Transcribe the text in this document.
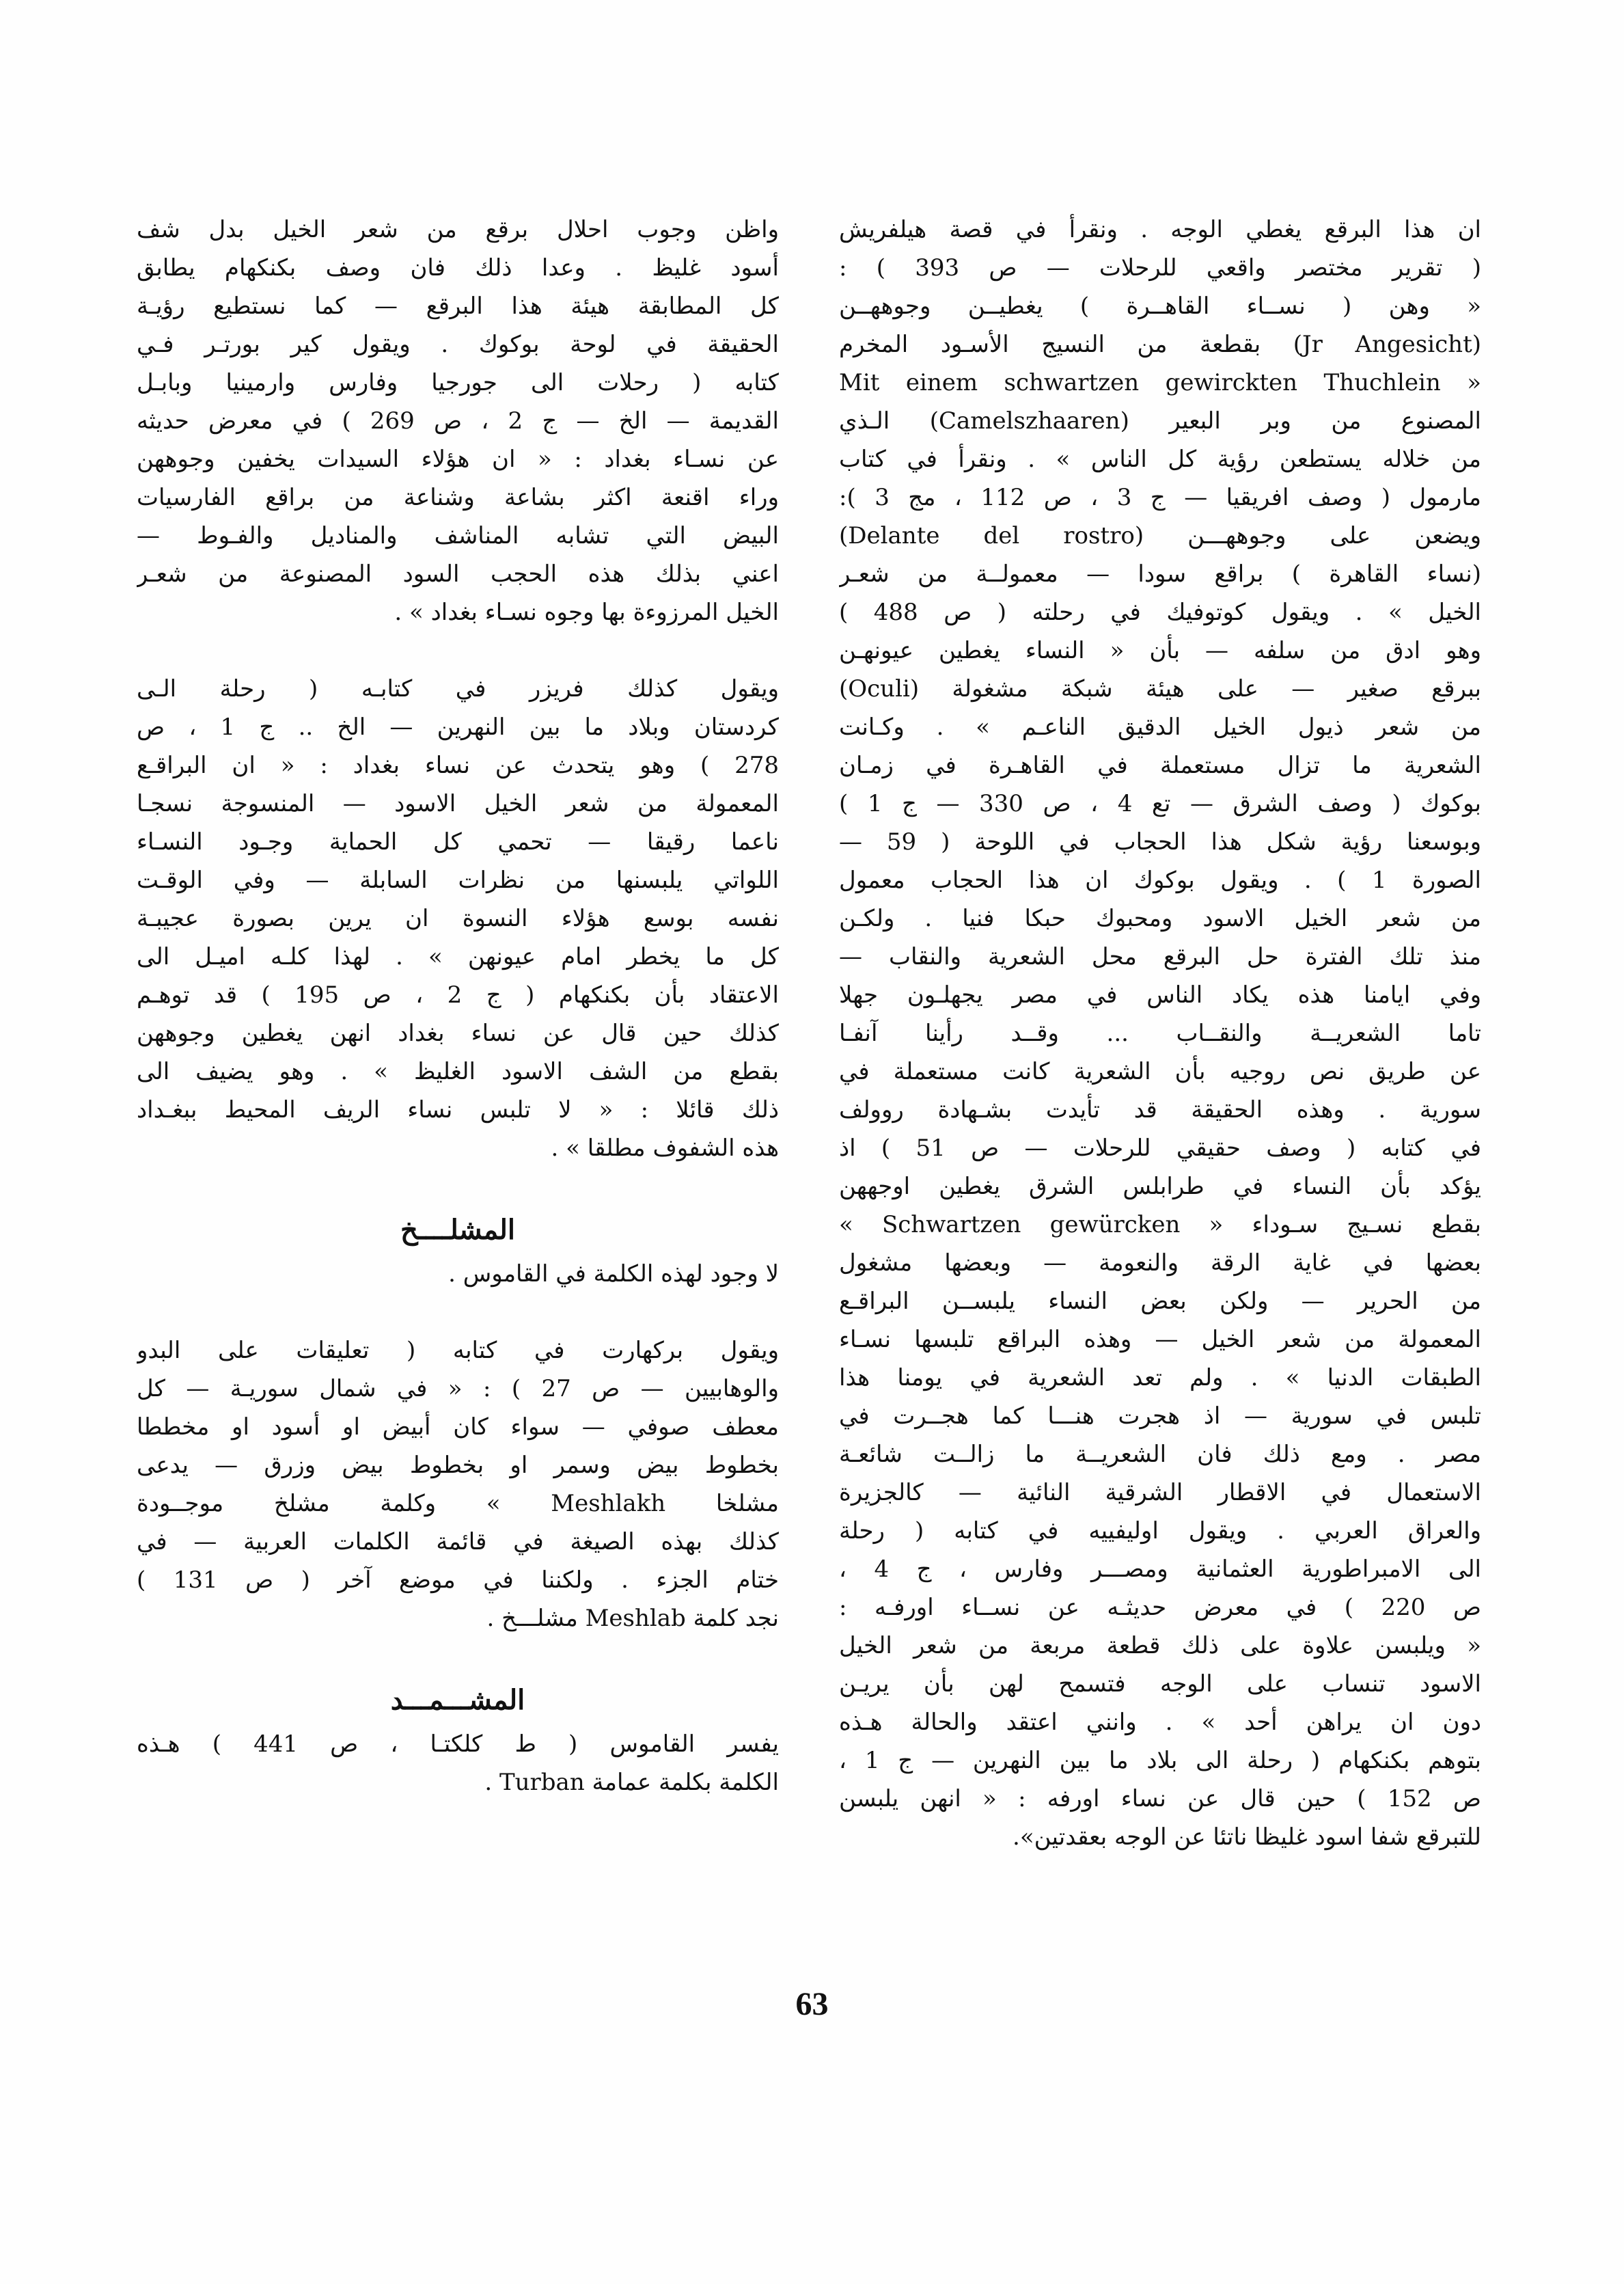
ان هذا البرقع يغطي الوجه . ونقرأ في قصة هيلفريش
( تقرير مختصر واقعي للرحلات — ص 393 ) :
« وهن ( نســاء القاهــرة ) يغطيــن وجوههــن
(Jr Angesicht) بقطعة من النسيج الأسـود المخرم
« Mit einem schwartzen gewirckten Thuchlein
المصنوع من وبر البعير (Camelszhaaren) الـذي
من خلاله يستطعن رؤية كل الناس » . ونقرأ في كتاب
مارمول ( وصف افريقيا — ج 3 ، ص 112 ، مج 3 ):
ويضعن على وجوههـــن (Delante del rostro)
(نساء القاهرة ) براقع سودا — معمولــة من شعـر
الخيل » . ويقول كوتوفيك في رحلته ( ص 488 )
وهو ادق من سلفه — بأن « النساء يغطين عيونهـن
ببرقع صغير — على هيئة شبكة مشغولة (Oculi)
من شعر ذيول الخيل الدقيق الناعـم » . وكـانت
الشعرية ما تزال مستعملة في القاهـرة في زمـان
بوكوك ( وصف الشرق — تع 4 ، ص 330 — ج 1 )
وبوسعنا رؤية شكل هذا الحجاب في اللوحة ( 59 —
الصورة 1 ) . ويقول بوكوك ان هذا الحجاب معمول
من شعر الخيل الاسود ومحبوك حبكا فنيا . ولكـن
منذ تلك الفترة حل البرقع محل الشعرية والنقاب —
وفي ايامنا هذه يكاد الناس في مصر يجهلـون جهلا
تاما الشعريــة والنقــاب ... وقــد رأينا آنفـا
عن طريق نص روجيه بأن الشعرية كانت مستعملة في
سورية . وهذه الحقيقة قد تأيدت بشـهادة روولف
في كتابه ( وصف حقيقي للرحلات — ص 51 ) اذ
يؤكد بأن النساء في طرابلس الشرق يغطين اوجههن
بقطع نسـيج سـوداء « Schwartzen gewürcken »
بعضها في غاية الرقة والنعومة — وبعضها مشغول
من الحرير — ولكن بعض النساء يلبســن البراقـع
المعمولة من شعر الخيل — وهذه البراقع تلبسها نسـاء
الطبقات الدنيا » . ولم تعد الشعرية في يومنا هذا
تلبس في سورية — اذ هجرت هنـــا كما هجــرت في
مصر . ومع ذلك فان الشعريــة ما زالــت شائعـة
الاستعمال في الاقطار الشرقية النائية — كالجزيرة
والعراق العربي . ويقول اوليفييه في كتابه ( رحلة
الى الامبراطورية العثمانية ومصـــر وفارس ، ج 4 ،
ص 220 ) في معرض حديثـه عن نســاء اورفـه :
« ويلبسن علاوة على ذلك قطعة مربعة من شعر الخيل
الاسود تنساب على الوجه فتسمح لهن بأن يريـن
دون ان يراهن أحد » . وانني اعتقد والحالة هـذه
بتوهم بكنكهام ( رحلة الى بلاد ما بين النهرين — ج 1 ،
ص 152 ) حين قال عن نساء اورفه : « انهن يلبسن
للتبرقع شفا اسود غليظا ناتئا عن الوجه بعقدتين».
واظن وجوب احلال برقع من شعر الخيل بدل شف
أسود غليظ . وعدا ذلك فان وصف بكنكهام يطابق
كل المطابقة هيئة هذا البرقع — كما نستطيع رؤيـة
الحقيقة في لوحة بوكوك . ويقول كير بورتـر فـي
كتابه ( رحلات الى جورجيا وفارس وارمينيا وبابـل
القديمة — الخ — ج 2 ، ص 269 ) في معرض حديثه
عن نسـاء بغداد : « ان هؤلاء السيدات يخفين وجوههن
وراء اقنعة اكثر بشاعة وشناعة من براقع الفارسيات
البيض التي تشابه المناشف والمناديل والفـوط —
اعني بذلك هذه الحجب السود المصنوعة من شعـر
الخيل المرزوءة بها وجوه نسـاء بغداد » .
ويقول كذلك فريزر في كتابـه ( رحلة الـى
كردستان وبلاد ما بين النهرين — الخ .. ج 1 ، ص
278 ) وهو يتحدث عن نساء بغداد : « ان البراقـع
المعمولة من شعر الخيل الاسود — المنسوجة نسجـا
ناعما رقيقا — تحمي كل الحماية وجـود النسـاء
اللواتي يلبسنها من نظرات السابلة — وفي الوقـت
نفسه بوسع هؤلاء النسوة ان يرين بصورة عجيبـة
كل ما يخطر امام عيونهن » . لهذا كلـه اميـل الى
الاعتقاد بأن بكنكهام ( ج 2 ، ص 195 ) قد توهـم
كذلك حين قال عن نساء بغداد انهن يغطين وجوههن
بقطع من الشف الاسود الغليظ » . وهو يضيف الى
ذلك قائلا : « لا تلبس نساء الريف المحيط ببغـداد
هذه الشفوف مطلقا » .
المشلــــخ
لا وجود لهذه الكلمة في القاموس .
ويقول بركهارت في كتابه ( تعليقات على البدو
والوهابيين — ص 27 ) : « في شمال سوريـة — كل
معطف صوفي — سواء كان أبيض او أسود او مخططا
بخطوط بيض وسمر او بخطوط بيض وزرق — يدعى
مشلخا Meshlakh » وكلمة مشلخ موجــودة
كذلك بهذه الصيغة في قائمة الكلمات العربية — في
ختام الجزء . ولكننا في موضع آخر ( ص 131 )
نجد كلمة Meshlab مشلـــخ .
المشـــمـــد
يفسر القاموس ( ط كلكتـا ، ص 441 ) هـذه
الكلمة بكلمة عمامة Turban .
63
